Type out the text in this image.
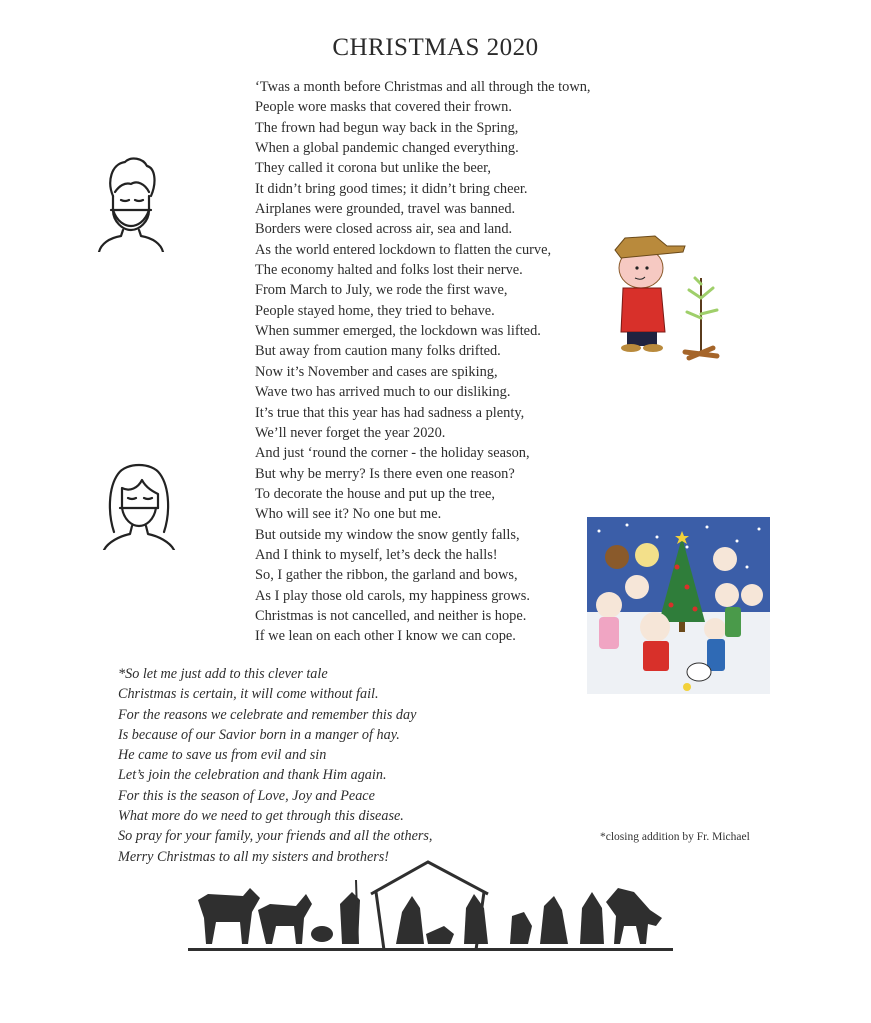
CHRISTMAS 2020
‘Twas a month before Christmas and all through the town,
People wore masks that covered their frown.
The frown had begun way back in the Spring,
When a global pandemic changed everything.
They called it corona but unlike the beer,
It didn’t bring good times; it didn’t bring cheer.
Airplanes were grounded, travel was banned.
Borders were closed across air, sea and land.
As the world entered lockdown to flatten the curve,
The economy halted and folks lost their nerve.
From March to July, we rode the first wave,
People stayed home, they tried to behave.
When summer emerged, the lockdown was lifted.
But away from caution many folks drifted.
Now it’s November and cases are spiking,
Wave two has arrived much to our disliking.
It’s true that this year has had sadness a plenty,
We’ll never forget the year 2020.
And just ‘round the corner - the holiday season,
But why be merry? Is there even one reason?
To decorate the house and put up the tree,
Who will see it? No one but me.
But outside my window the snow gently falls,
And I think to myself, let’s deck the halls!
So, I gather the ribbon, the garland and bows,
As I play those old carols, my happiness grows.
Christmas is not cancelled, and neither is hope.
If we lean on each other I know we can cope.
*So let me just add to this clever tale
Christmas is certain, it will come without fail.
For the reasons we celebrate and remember this day
Is because of our Savior born in a manger of hay.
He came to save us from evil and sin
Let’s join the celebration and thank Him again.
For this is the season of Love, Joy and Peace
What more do we need to get through this disease.
So pray for your family, your friends and all the others,
Merry Christmas to all my sisters and brothers!
*closing addition by Fr. Michael
